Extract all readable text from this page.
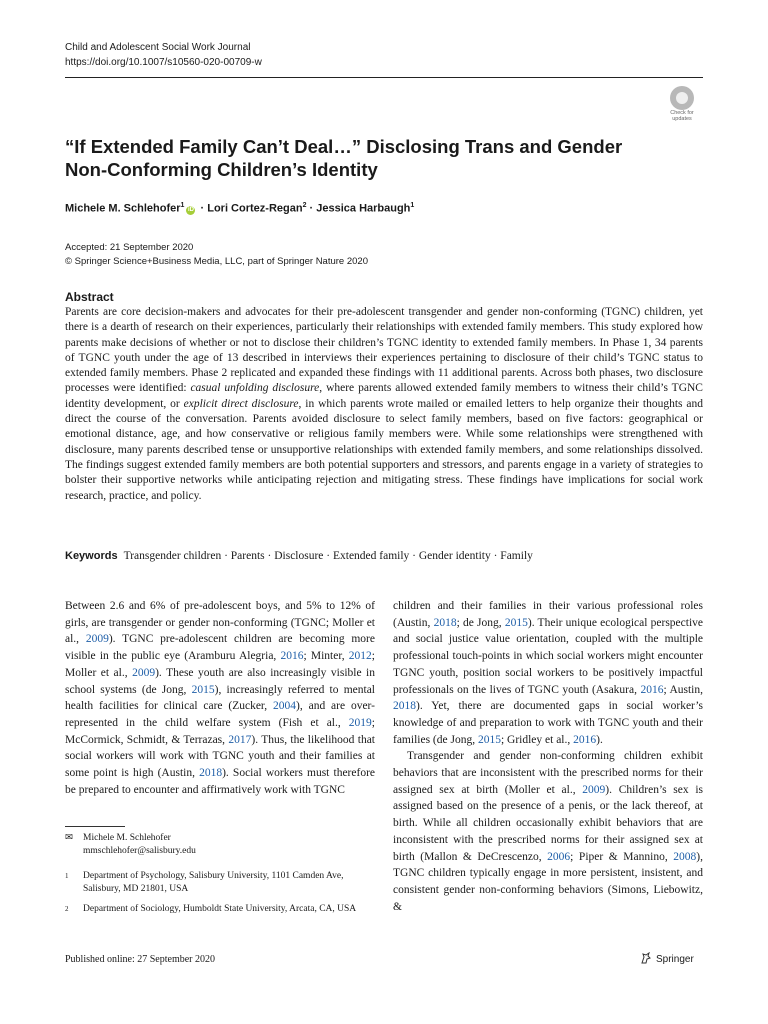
Child and Adolescent Social Work Journal
https://doi.org/10.1007/s10560-020-00709-w
Check for
updates
“If Extended Family Can’t Deal…” Disclosing Trans and Gender
Non‑Conforming Children’s Identity
Michele M. Schlehofer$^1$iD · Lori Cortez‑Regan$^2$ · Jessica Harbaugh$^1$
Accepted: 21 September 2020
© Springer Science+Business Media, LLC, part of Springer Nature 2020
Abstract
Parents are core decision-makers and advocates for their pre-adolescent transgender and gender non-conforming (TGNC) children, yet there is a dearth of research on their experiences, particularly their relationships with extended family members. This study explored how parents make decisions of whether or not to disclose their children’s TGNC identity to extended family members. In Phase 1, 34 parents of TGNC youth under the age of 13 described in interviews their experiences pertaining to disclosure of their child’s TGNC status to extended family members. Phase 2 replicated and expanded these findings with 11 additional parents. Across both phases, two disclosure processes were identified: casual unfolding disclosure, where parents allowed extended family members to witness their child’s TGNC identity development, or explicit direct disclosure, in which parents wrote mailed or emailed letters to help organize their thoughts and direct the course of the conversation. Parents avoided disclosure to select family members, based on five factors: geographical or emotional distance, age, and how conservative or religious family members were. While some relationships were strengthened with disclosure, many parents described tense or unsupportive relationships with extended family members, and some relationships dissolved. The findings suggest extended family members are both potential supporters and stressors, and parents engage in a variety of strategies to bolster their supportive networks while anticipating rejection and mitigating stress. These findings have implications for social work research, practice, and policy.
Keywords Transgender children · Parents · Disclosure · Extended family · Gender identity · Family

Between 2.6 and 6% of pre-adolescent boys, and 5% to 12% of girls, are transgender or gender non-conforming (TGNC; Moller et al., 2009). TGNC pre-adolescent children are becoming more visible in the public eye (Aramburu Alegria, 2016; Minter, 2012; Moller et al., 2009). These youth are also increasingly visible in school systems (de Jong, 2015), increasingly referred to mental health facilities for clinical care (Zucker, 2004), and are over-represented in the child welfare system (Fish et al., 2019; McCormick, Schmidt, & Terrazas, 2017). Thus, the likelihood that social workers will work with TGNC youth and their families at some point is high (Austin, 2018). Social workers must therefore be prepared to encounter and affirmatively work with TGNC

✉ Michele M. Schlehofer
mmschlehofer@salisbury.edu
1 Department of Psychology, Salisbury University, 1101 Camden Ave, Salisbury, MD 21801, USA
2 Department of Sociology, Humboldt State University, Arcata, CA, USA

children and their families in their various professional roles (Austin, 2018; de Jong, 2015). Their unique ecological perspective and social justice value orientation, coupled with the multiple professional touch-points in which social workers might encounter TGNC youth, position social workers to be positively impactful professionals on the lives of TGNC youth (Asakura, 2016; Austin, 2018). Yet, there are documented gaps in social worker’s knowledge of and preparation to work with TGNC youth and their families (de Jong, 2015; Gridley et al., 2016).

Transgender and gender non-conforming children exhibit behaviors that are inconsistent with the prescribed norms for their assigned sex at birth (Moller et al., 2009). Children’s sex is assigned based on the presence of a penis, or the lack thereof, at birth. While all children occasionally exhibit behaviors that are inconsistent with the prescribed norms for their assigned sex at birth (Mallon & DeCrescenzo, 2006; Piper & Mannino, 2008), TGNC children typically engage in more persistent, insistent, and consistent gender non-conforming behaviors (Simons, Liebowitz, &

Published online: 27 September 2020	Springer
